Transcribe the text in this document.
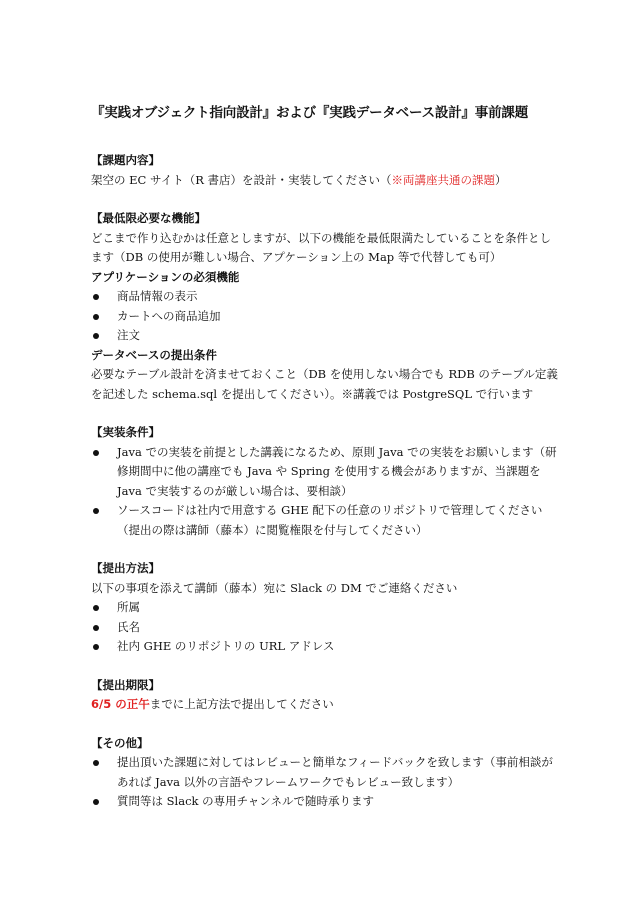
『実践オブジェクト指向設計』および『実践データベース設計』事前課題
【課題内容】

架空の EC サイト（R 書店）を設計・実装してください（※両講座共通の課題）

【最低限必要な機能】

どこまで作り込むかは任意としますが、以下の機能を最低限満たしていることを条件とします（DB の使用が難しい場合、アプケーション上の Map 等で代替しても可）

アプリケーションの必須機能
商品情報の表示
カートへの商品追加
注文
データベースの提出条件

必要なテーブル設計を済ませておくこと（DB を使用しない場合でも RDB のテーブル定義を記述した schema.sql を提出してください）。※講義では PostgreSQL で行います

【実装条件】
Java での実装を前提とした講義になるため、原則 Java での実装をお願いします（研修期間中に他の講座でも Java や Spring を使用する機会がありますが、当課題を Java で実装するのが厳しい場合は、要相談）
ソースコードは社内で用意する GHE 配下の任意のリポジトリで管理してください（提出の際は講師（藤本）に閲覧権限を付与してください）
【提出方法】

以下の事項を添えて講師（藤本）宛に Slack の DM でご連絡ください

所属
氏名
社内 GHE のリポジトリの URL アドレス
【提出期限】

6/5 の正午までに上記方法で提出してください

【その他】
提出頂いた課題に対してはレビューと簡単なフィードバックを致します（事前相談があれば Java 以外の言語やフレームワークでもレビュー致します）
質問等は Slack の専用チャンネルで随時承ります
